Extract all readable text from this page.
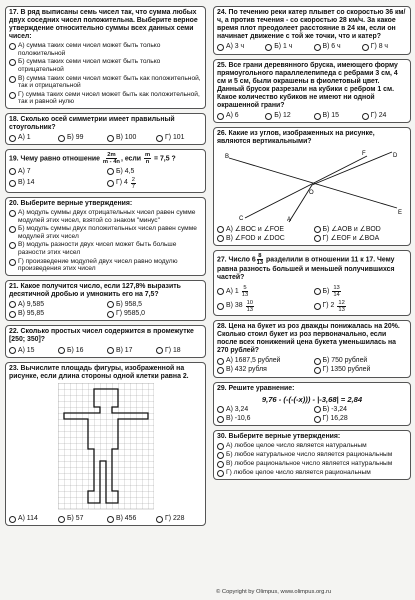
17. В ряд выписаны семь чисел так, что сумма любых двух соседних чисел положительна. Выберите верное утверждение относительно суммы всех данных семи чисел:
А) сумма таких семи чисел может быть только положительной
Б) сумма таких семи чисел может быть только отрицательной
В) сумма таких семи чисел может быть как положительной, так и отрицательной
Г) сумма таких семи чисел может быть как положительной, так и равной нулю
18. Сколько осей симметрии имеет правильный стоугольник?
А) 1	Б) 99	В) 100	Г) 101
19. Чему равно отношение $\frac{2m}{m - 4n}$ , если $\frac{m}{n} = 7,5$ ?
А) 7	Б) 4,5
В) 14	Г) $4 \frac{2}{7}$
20. Выберите верные утверждения:
А) модуль суммы двух отрицательных чисел равен сумме модулей этих чисел, взятой со знаком "минус"
Б) модуль суммы двух положительных чисел равен сумме модулей этих чисел
В) модуль разности двух чисел может быть больше разности этих чисел
Г) произведение модулей двух чисел равно модулю произведения этих чисел
21. Какое получится число, если 127,8% выразить десятичной дробью и умножить его на 7,5?
А) 9,585	Б) 958,5
В) 95,85	Г) 9585,0
22. Сколько простых чисел содержится в промежутке [250; 350]?
А) 15	Б) 16	В) 17	Г) 18
23. Вычислите площадь фигуры, изображенной на рисунке, если длина стороны одной клетки равна 2.
А) 114	Б) 57	В) 456	Г) 228
24. По течению реки катер плывет со скоростью 36 км/ч, а против течения - со скоростью 28 км/ч. За какое время плот преодолеет расстояние в 24 км, если он начинает движение с той же точки, что и катер?
А) 3 ч	Б) 1 ч	В) 6 ч	Г) 8 ч
25. Все грани деревянного бруска, имеющего форму прямоугольного параллелепипеда с ребрами 3 см, 4 см и 5 см, были окрашены в фиолетовый цвет. Данный брусок разрезали на кубики с ребром 1 см. Какое количество кубиков не имеют ни одной окрашенной грани?
А) 6	Б) 12	В) 15	Г) 24
26. Какие из углов, изображенных на рисунке, являются вертикальными?
A
B
C
D
E
F
O
А) ∠BOC и ∠FOE	Б) ∠AOB и ∠BOD
В) ∠FOD и ∠DOC	Г) ∠EOF и ∠BOA
27. Число $6 \frac{8}{13}$ разделили в отношении 11 к 17. Чему равна разность большей и меньшей получившихся частей?
А) $1 \frac{5}{13}$	$Б) \frac{13}{14}$
В) $38 \frac{10}{13}$	Г) $2 \frac{12}{13}$
28. Цена на букет из роз дважды понижалась на 20%. Сколько стоил букет из роз первоначально, если после всех понижений цена букета уменьшилась на 270 рублей?
А) 1687,5 рублей	Б) 750 рублей
В) 432 рубля	Г) 1350 рублей
29. Решите уравнение:
9,76 - (-(-(-x))) - |-3,68| = 2,84
А) 3,24	Б) -3,24
В) -10,6	Г) 16,28
30. Выберите верные утверждения:
А) любое целое число является натуральным
Б) любое натуральное число является рациональным
В) любое рациональное число является натуральным
Г) любое целое число является рациональным
© Copyright by Olimpus, www.olimpus.org.ru
